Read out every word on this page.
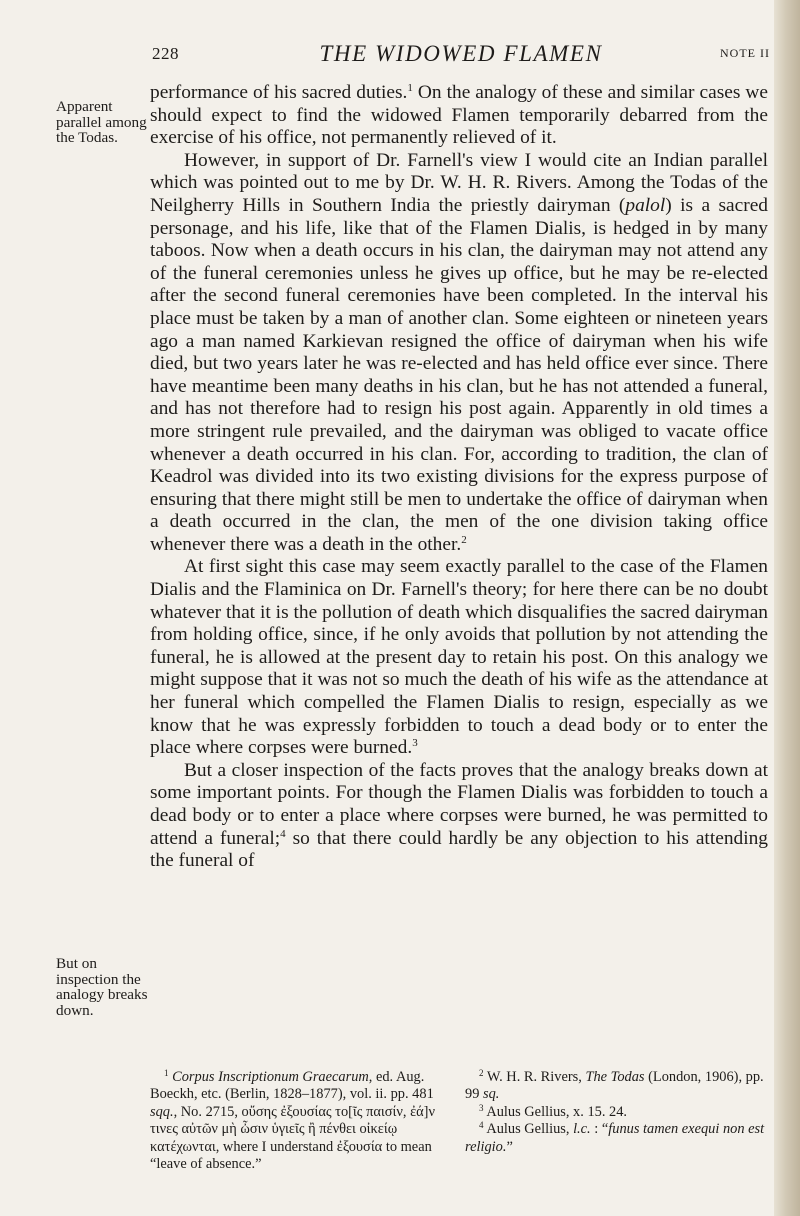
228	THE WIDOWED FLAMEN	NOTE II
Apparent parallel among the Todas.
But on inspection the analogy breaks down.

performance of his sacred duties.$^1$ On the analogy of these and similar cases we should expect to find the widowed Flamen temporarily debarred from the exercise of his office, not permanently relieved of it.

However, in support of Dr. Farnell's view I would cite an Indian parallel which was pointed out to me by Dr. W. H. R. Rivers. Among the Todas of the Neilgherry Hills in Southern India the priestly dairyman (palol) is a sacred personage, and his life, like that of the Flamen Dialis, is hedged in by many taboos. Now when a death occurs in his clan, the dairyman may not attend any of the funeral ceremonies unless he gives up office, but he may be re-elected after the second funeral ceremonies have been completed. In the interval his place must be taken by a man of another clan. Some eighteen or nineteen years ago a man named Karkievan resigned the office of dairyman when his wife died, but two years later he was re-elected and has held office ever since. There have meantime been many deaths in his clan, but he has not attended a funeral, and has not therefore had to resign his post again. Apparently in old times a more stringent rule prevailed, and the dairyman was obliged to vacate office whenever a death occurred in his clan. For, according to tradition, the clan of Keadrol was divided into its two existing divisions for the express purpose of ensuring that there might still be men to undertake the office of dairyman when a death occurred in the clan, the men of the one division taking office whenever there was a death in the other.$^2$

At first sight this case may seem exactly parallel to the case of the Flamen Dialis and the Flaminica on Dr. Farnell's theory; for here there can be no doubt whatever that it is the pollution of death which disqualifies the sacred dairyman from holding office, since, if he only avoids that pollution by not attending the funeral, he is allowed at the present day to retain his post. On this analogy we might suppose that it was not so much the death of his wife as the attendance at her funeral which compelled the Flamen Dialis to resign, especially as we know that he was expressly forbidden to touch a dead body or to enter the place where corpses were burned.$^3$

But a closer inspection of the facts proves that the analogy breaks down at some important points. For though the Flamen Dialis was forbidden to touch a dead body or to enter a place where corpses were burned, he was permitted to attend a funeral;$^4$ so that there could hardly be any objection to his attending the funeral of

$^1$ Corpus Inscriptionum Graecarum, ed. Aug. Boeckh, etc. (Berlin, 1828–1877), vol. ii. pp. 481 sqq., No. 2715, οὔσης ἐξουσίας το[ῖς παισίν, ἐά]ν τινες αὐτῶν μὴ ὦσιν ὑγιεῖς ἢ πένθει οἰκείῳ κατέχωνται, where I understand ἐξουσία to mean “leave of absence.”

$^2$ W. H. R. Rivers, The Todas (London, 1906), pp. 99 sq.

$^3$ Aulus Gellius, x. 15. 24.

$^4$ Aulus Gellius, l.c. : “funus tamen exequi non est religio.”
